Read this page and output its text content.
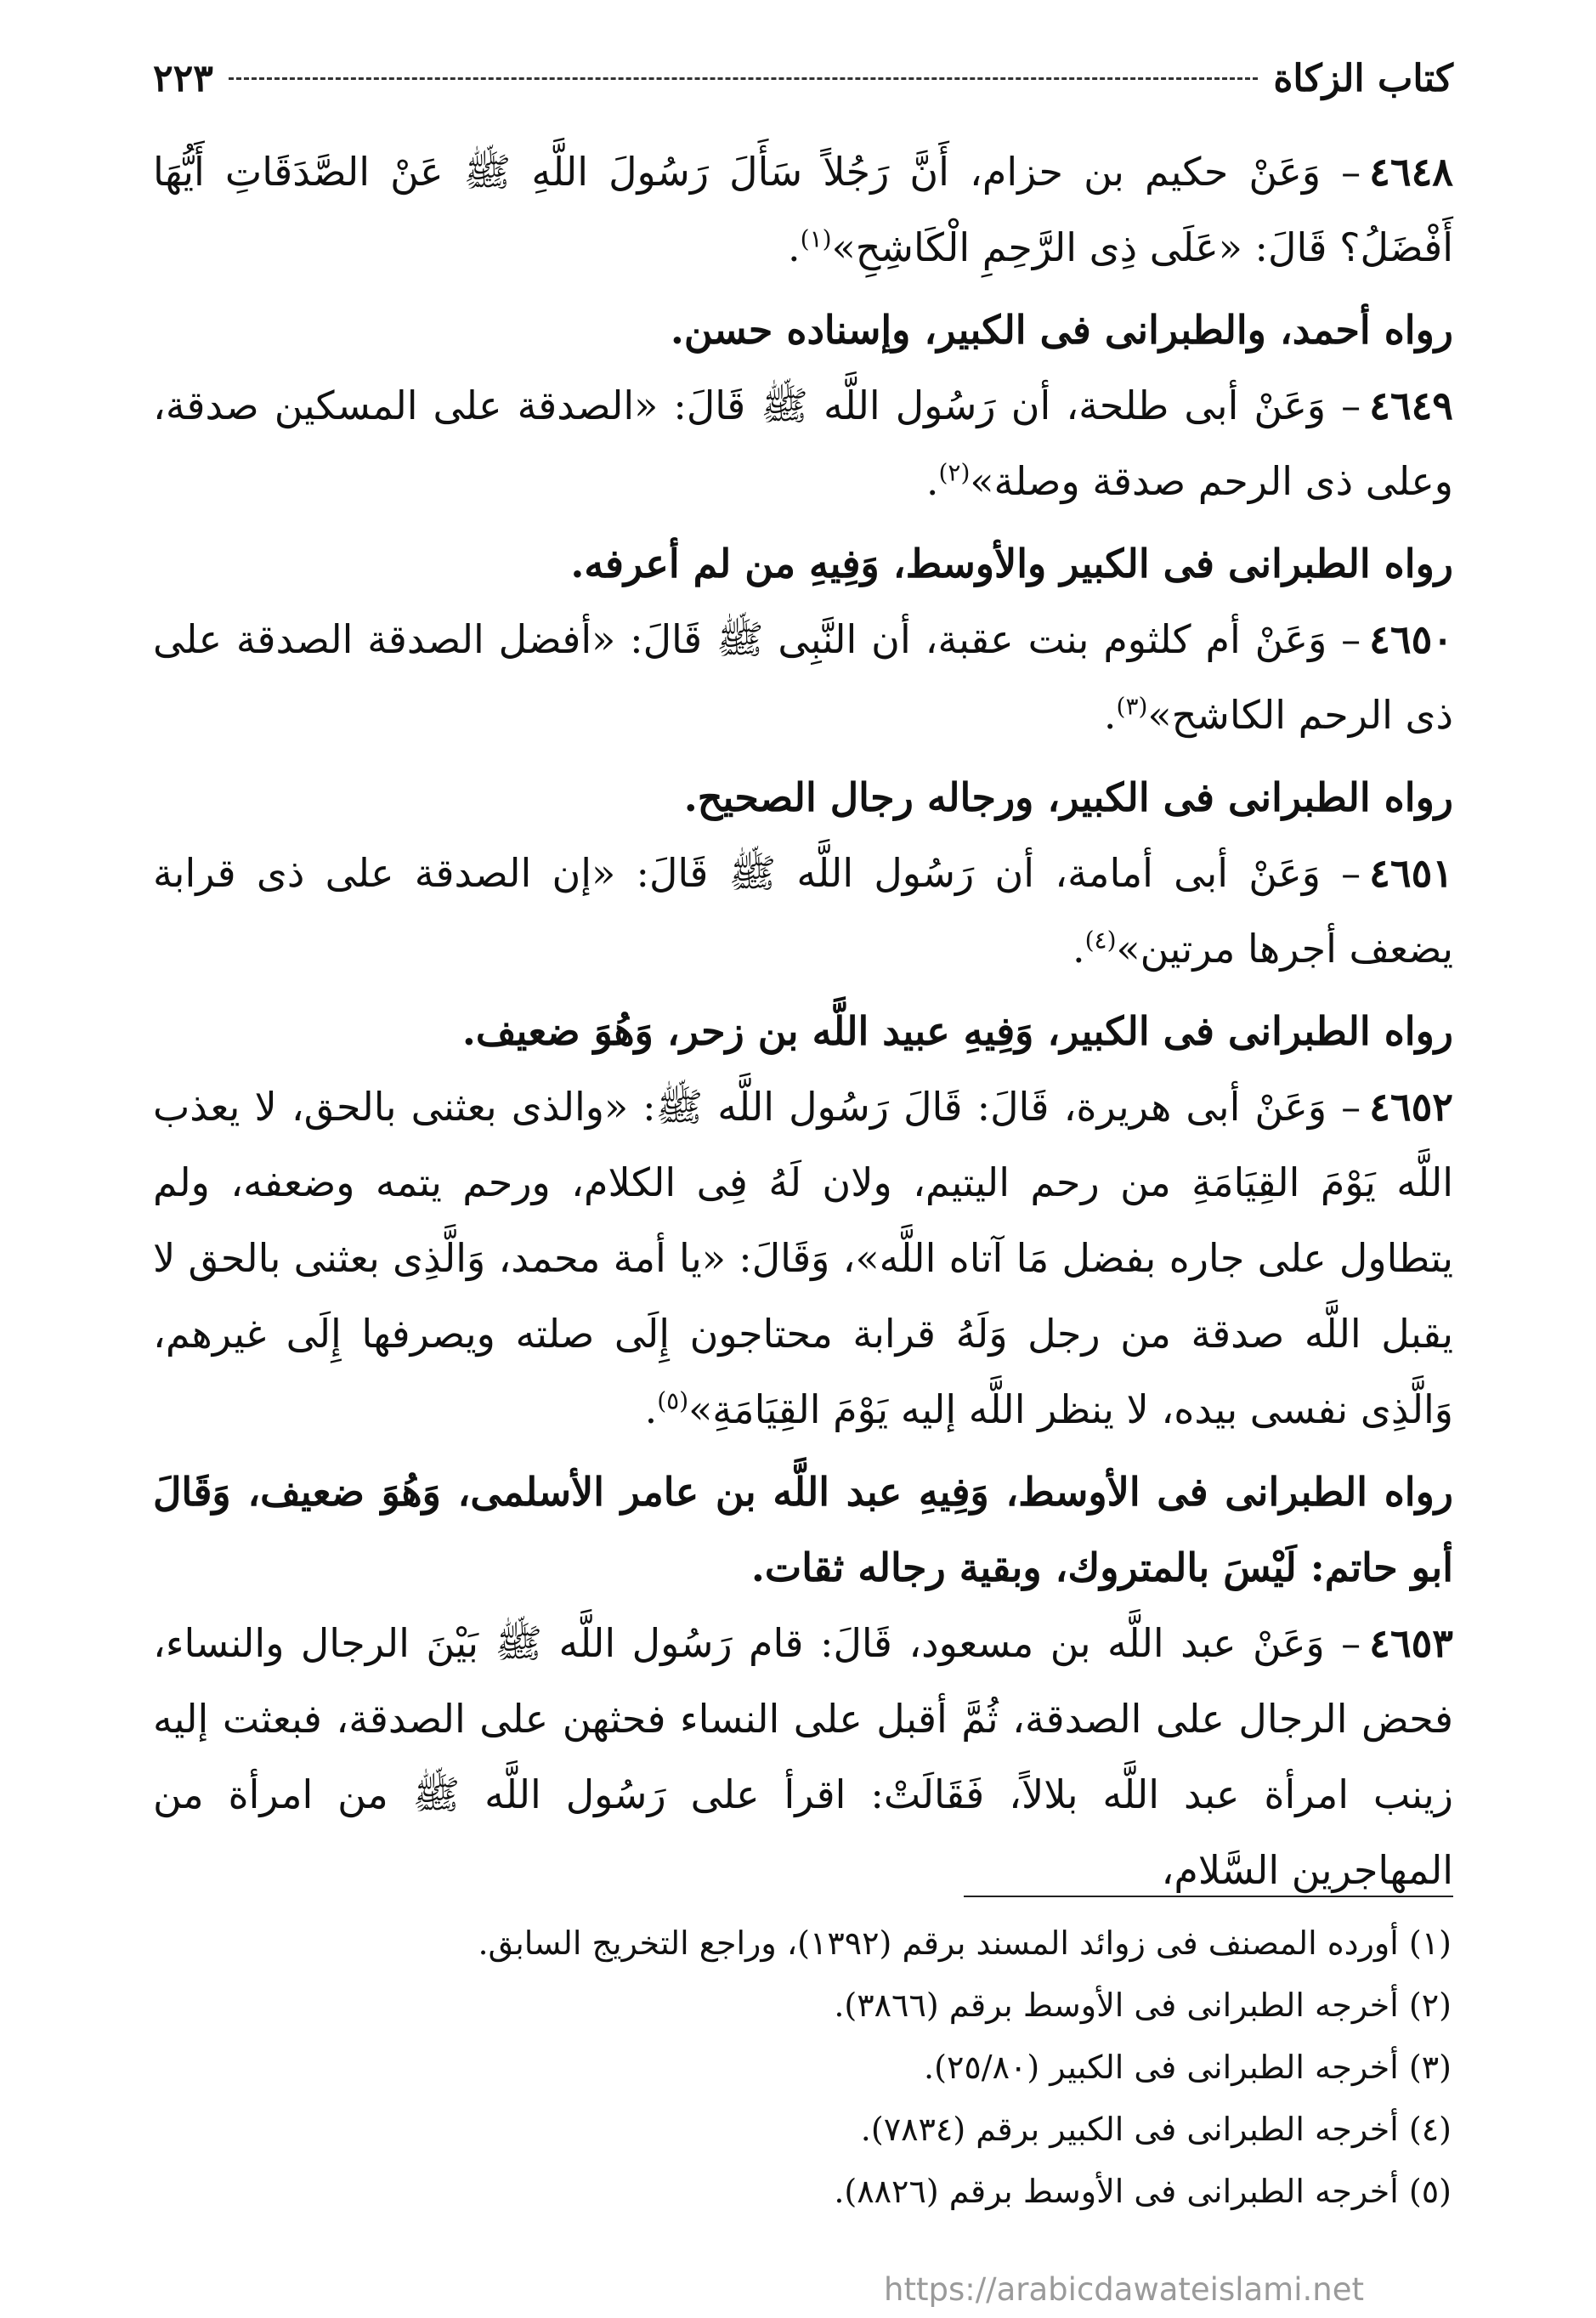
كتاب الزكاة
٢٢٣

٤٦٤٨– وَعَنْ حكيم بن حزام، أَنَّ رَجُلاً سَأَلَ رَسُولَ اللَّهِ ﷺ عَنْ الصَّدَقَاتِ أَيُّهَا أَفْضَلُ؟ قَالَ: «عَلَى ذِى الرَّحِمِ الْكَاشِحِ»$^{(١)}$.

رواه أحمد، والطبرانى فى الكبير، وإسناده حسن.

٤٦٤٩– وَعَنْ أبى طلحة، أن رَسُول اللَّه ﷺ قَالَ: «الصدقة على المسكين صدقة، وعلى ذى الرحم صدقة وصلة»$^{(٢)}$.

رواه الطبرانى فى الكبير والأوسط، وَفِيهِ من لم أعرفه.

٤٦٥٠– وَعَنْ أم كلثوم بنت عقبة، أن النَّبِى ﷺ قَالَ: «أفضل الصدقة الصدقة على ذى الرحم الكاشح»$^{(٣)}$.

رواه الطبرانى فى الكبير، ورجاله رجال الصحيح.

٤٦٥١– وَعَنْ أبى أمامة، أن رَسُول اللَّه ﷺ قَالَ: «إن الصدقة على ذى قرابة يضعف أجرها مرتين»$^{(٤)}$.

رواه الطبرانى فى الكبير، وَفِيهِ عبيد اللَّه بن زحر، وَهُوَ ضعيف.

٤٦٥٢– وَعَنْ أبى هريرة، قَالَ: قَالَ رَسُول اللَّه ﷺ: «والذى بعثنى بالحق، لا يعذب اللَّه يَوْمَ القِيَامَةِ من رحم اليتيم، ولان لَهُ فِى الكلام، ورحم يتمه وضعفه، ولم يتطاول على جاره بفضل مَا آتاه اللَّه»، وَقَالَ: «يا أمة محمد، وَالَّذِى بعثنى بالحق لا يقبل اللَّه صدقة من رجل وَلَهُ قرابة محتاجون إِلَى صلته ويصرفها إِلَى غيرهم، وَالَّذِى نفسى بيده، لا ينظر اللَّه إليه يَوْمَ القِيَامَةِ»$^{(٥)}$.

رواه الطبرانى فى الأوسط، وَفِيهِ عبد اللَّه بن عامر الأسلمى، وَهُوَ ضعيف، وَقَالَ أبو حاتم: لَيْسَ بالمتروك، وبقية رجاله ثقات.

٤٦٥٣– وَعَنْ عبد اللَّه بن مسعود، قَالَ: قام رَسُول اللَّه ﷺ بَيْنَ الرجال والنساء، فحض الرجال على الصدقة، ثُمَّ أقبل على النساء فحثهن على الصدقة، فبعثت إليه زينب امرأة عبد اللَّه بلالاً، فَقَالَتْ: اقرأ على رَسُول اللَّه ﷺ من امرأة من المهاجرين السَّلام،

(١) أورده المصنف فى زوائد المسند برقم (١٣٩٢)، وراجع التخريج السابق.

(٢) أخرجه الطبرانى فى الأوسط برقم (٣٨٦٦).

(٣) أخرجه الطبرانى فى الكبير (٢٥/٨٠).

(٤) أخرجه الطبرانى فى الكبير برقم (٧٨٣٤).

(٥) أخرجه الطبرانى فى الأوسط برقم (٨٨٢٦).

https://arabicdawateislami.net
